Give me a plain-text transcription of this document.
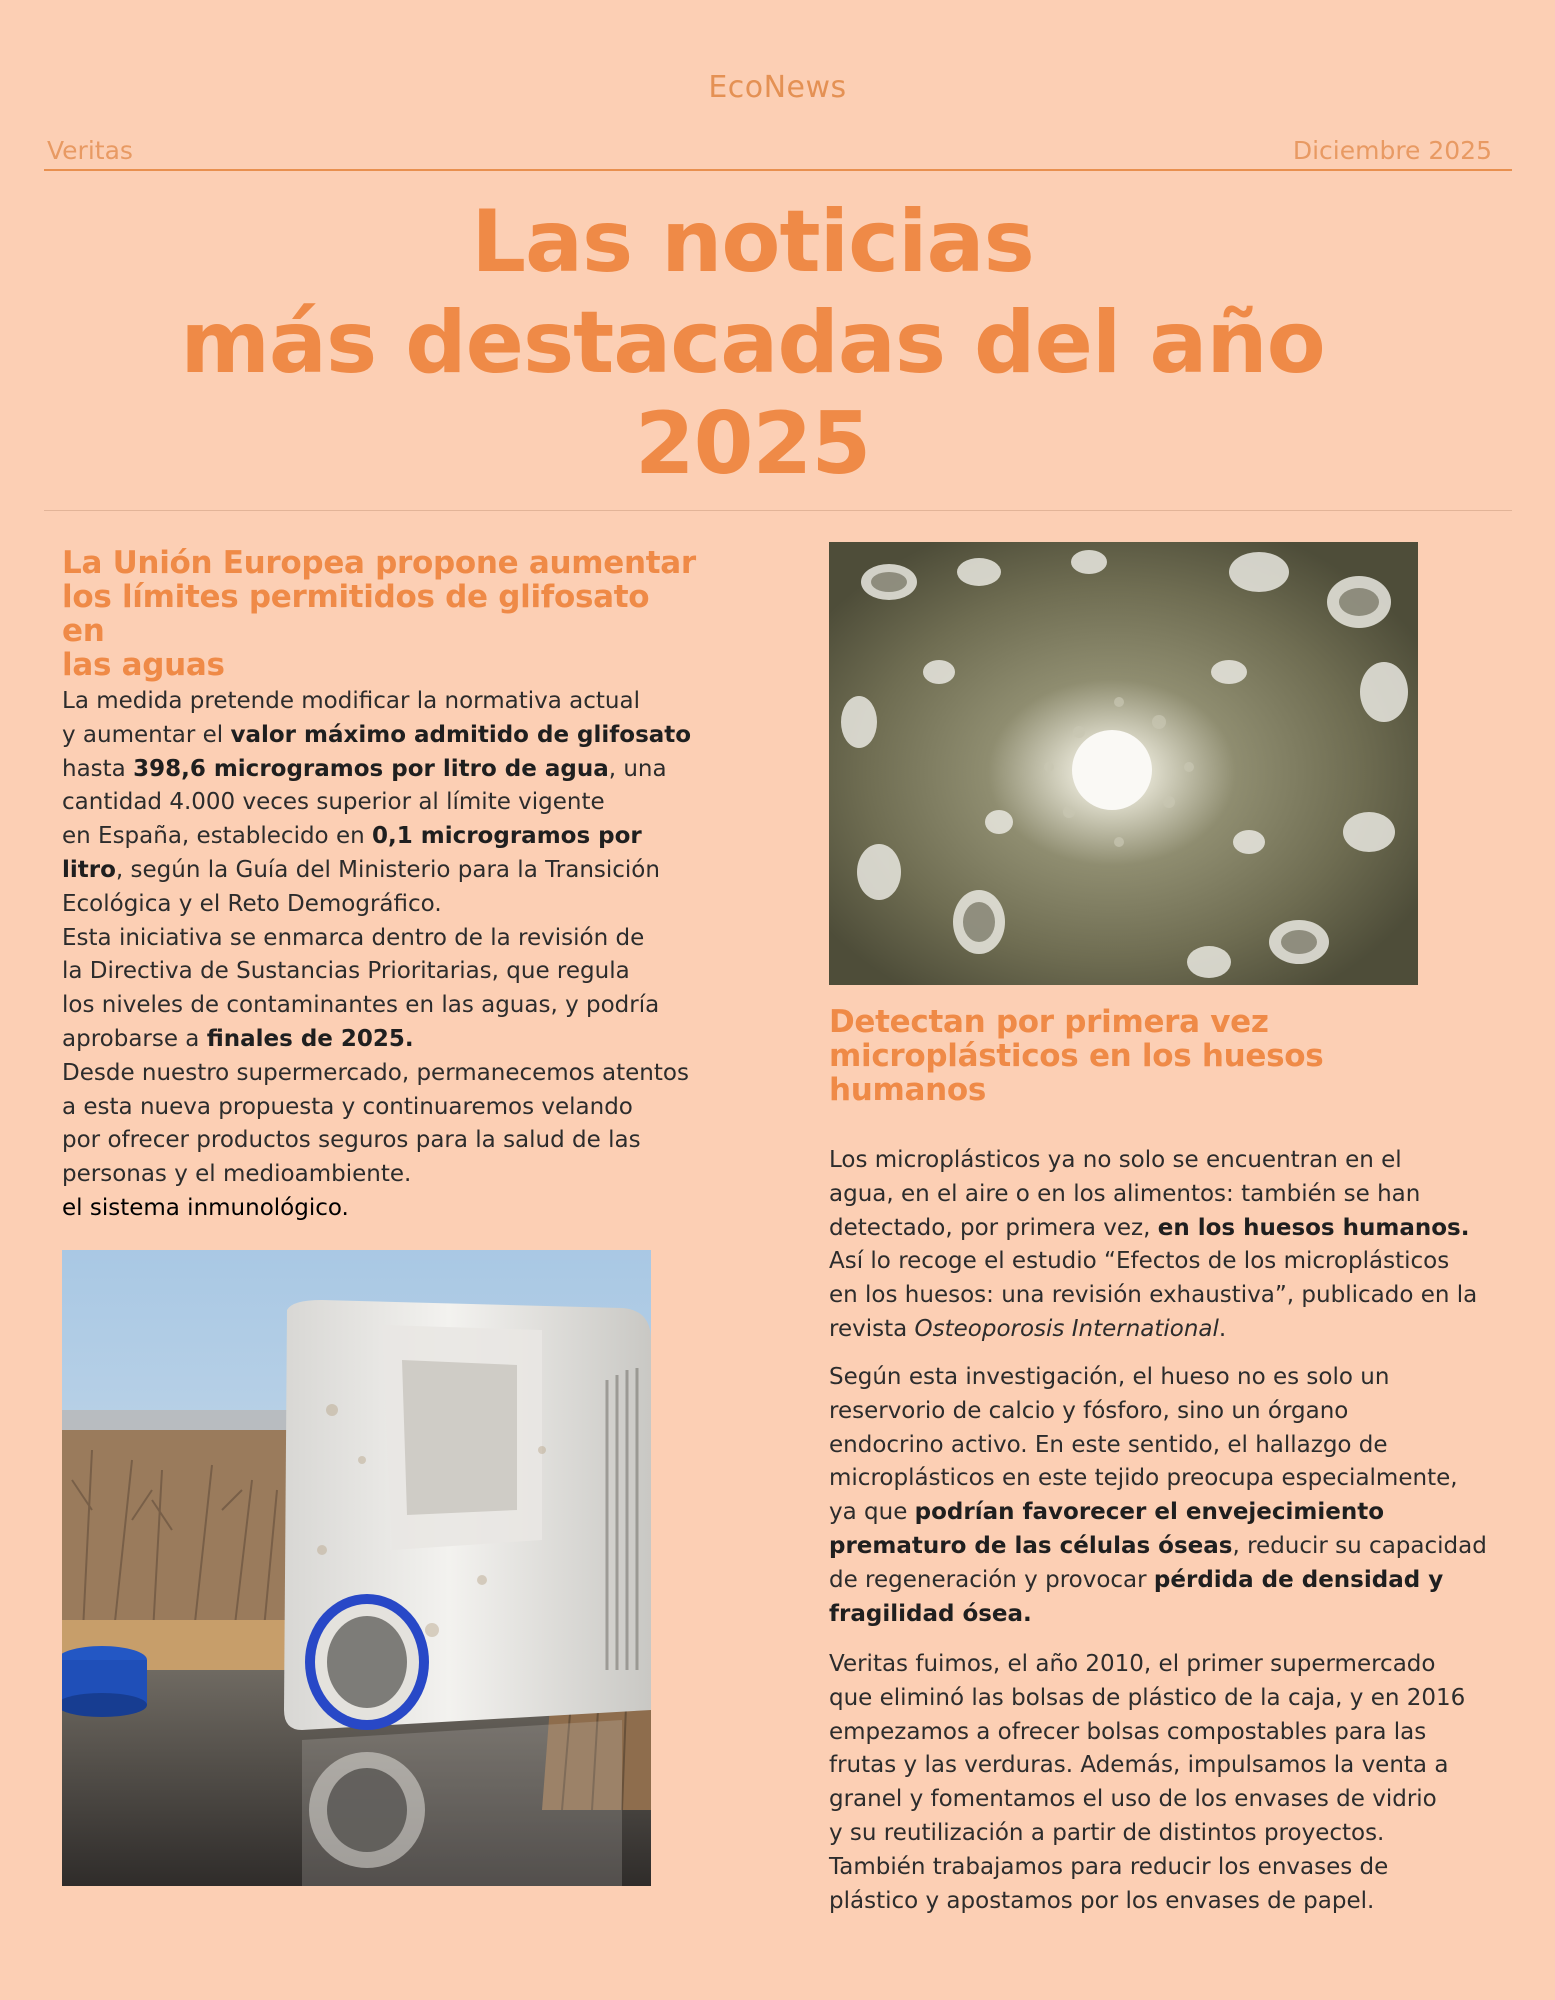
EcoNews
Veritas	Diciembre 2025
Las noticias
más destacadas del año
2025
La Unión Europea propone aumentar
los límites permitidos de glifosato en
las aguas
La medida pretende modificar la normativa actual
y aumentar el valor máximo admitido de glifosato
hasta 398,6 microgramos por litro de agua, una
cantidad 4.000 veces superior al límite vigente
en España, establecido en 0,1 microgramos por
litro, según la Guía del Ministerio para la Transición
Ecológica y el Reto Demográfico.
Esta iniciativa se enmarca dentro de la revisión de
la Directiva de Sustancias Prioritarias, que regula
los niveles de contaminantes en las aguas, y podría
aprobarse a finales de 2025.
Desde nuestro supermercado, permanecemos atentos
a esta nueva propuesta y continuaremos velando
por ofrecer productos seguros para la salud de las
personas y el medioambiente.
el sistema inmunológico.
Detectan por primera vez
microplásticos en los huesos
humanos
Los microplásticos ya no solo se encuentran en el
agua, en el aire o en los alimentos: también se han
detectado, por primera vez, en los huesos humanos.
Así lo recoge el estudio “Efectos de los microplásticos
en los huesos: una revisión exhaustiva”, publicado en la
revista Osteoporosis International.
Según esta investigación, el hueso no es solo un
reservorio de calcio y fósforo, sino un órgano
endocrino activo. En este sentido, el hallazgo de
microplásticos en este tejido preocupa especialmente,
ya que podrían favorecer el envejecimiento
prematuro de las células óseas, reducir su capacidad
de regeneración y provocar pérdida de densidad y
fragilidad ósea.
Veritas fuimos, el año 2010, el primer supermercado
que eliminó las bolsas de plástico de la caja, y en 2016
empezamos a ofrecer bolsas compostables para las
frutas y las verduras. Además, impulsamos la venta a
granel y fomentamos el uso de los envases de vidrio
y su reutilización a partir de distintos proyectos.
También trabajamos para reducir los envases de
plástico y apostamos por los envases de papel.
